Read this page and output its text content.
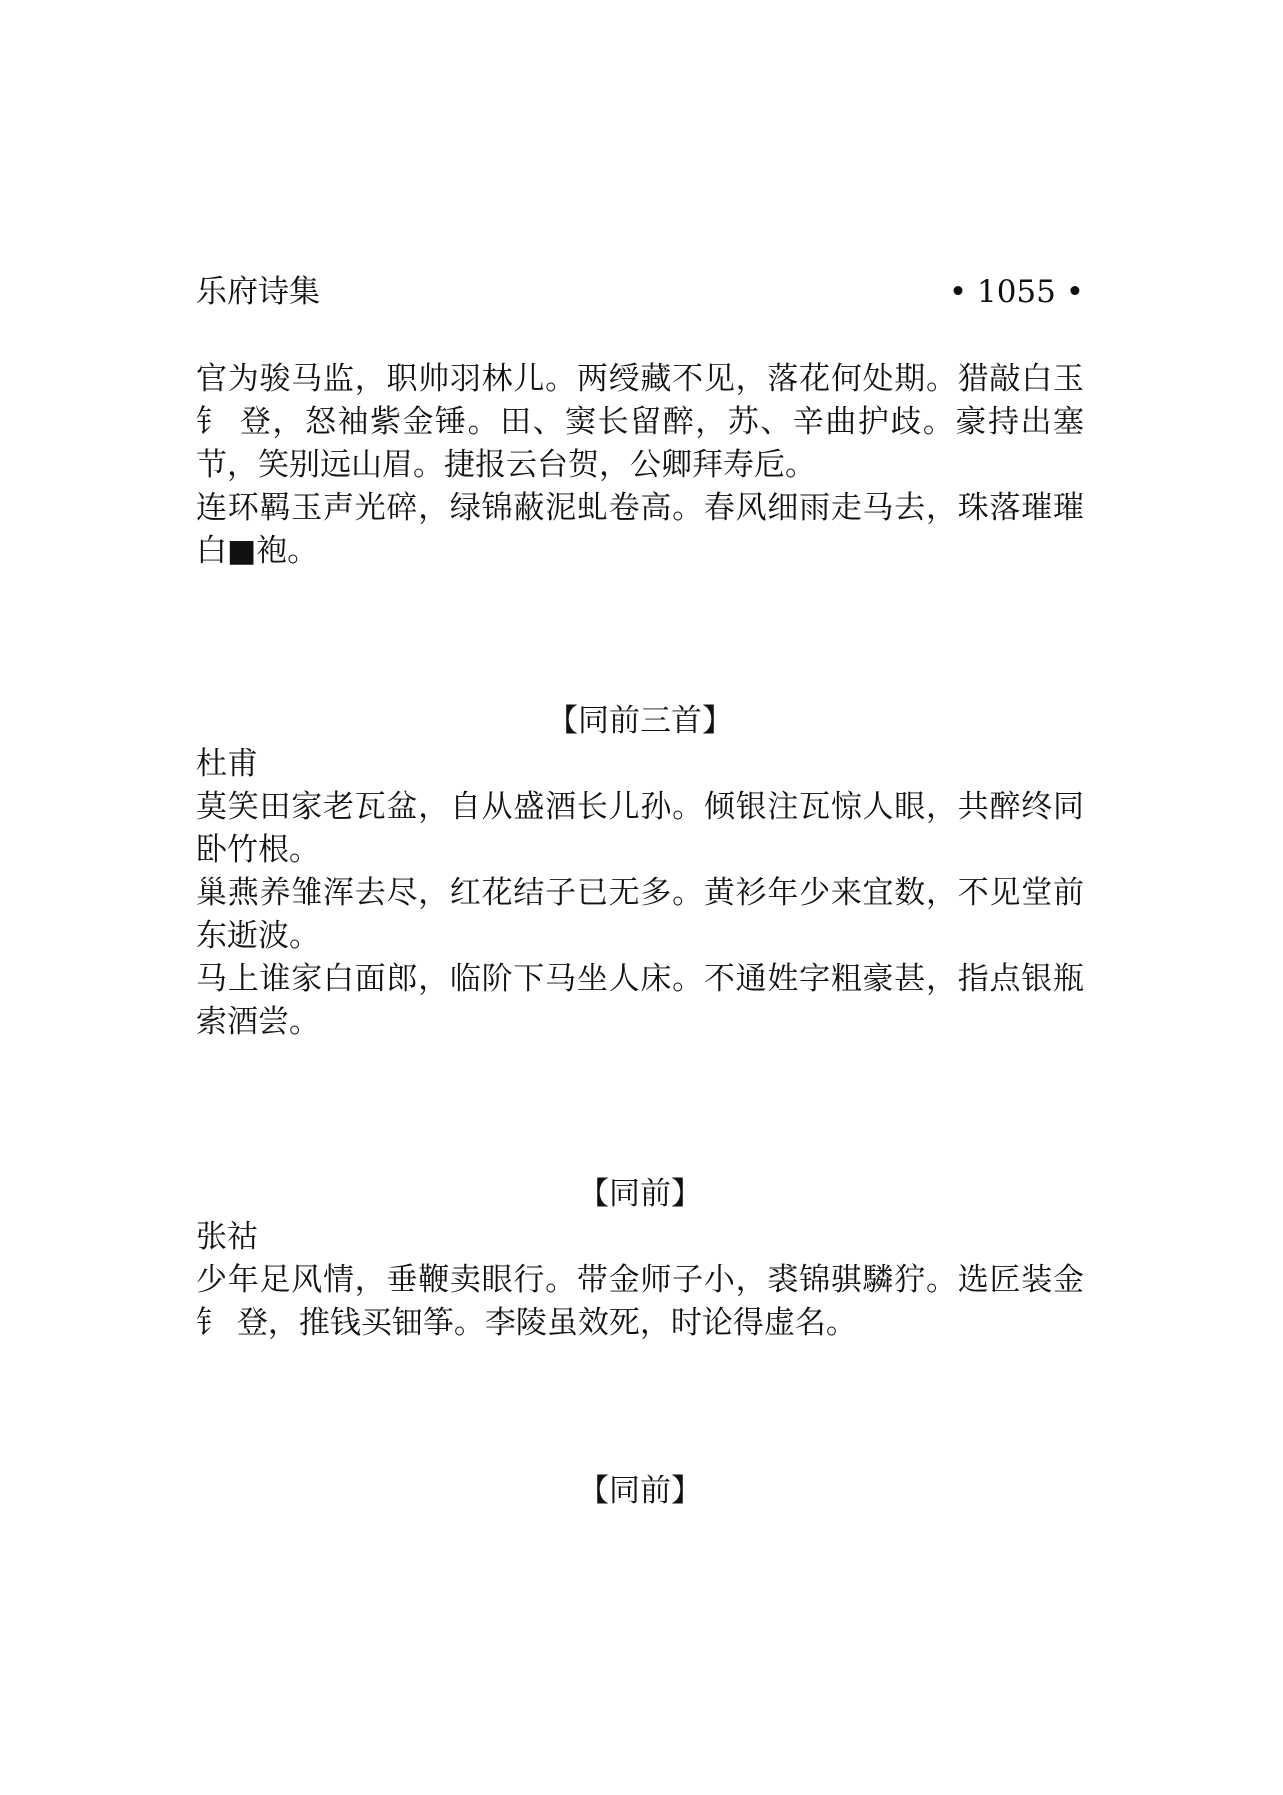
乐府诗集	• 1055 •

官为骏马监，职帅羽林儿。两绶藏不见，落花何处期。猎敲白玉钅 登，怒袖紫金锤。田、窦长留醉，苏、辛曲护歧。豪持出塞节，笑别远山眉。捷报云台贺，公卿拜寿卮。

连环羁玉声光碎，绿锦蔽泥虬卷高。春风细雨走马去，珠落璀璀白■袍。

【同前三首】

杜甫

莫笑田家老瓦盆，自从盛酒长儿孙。倾银注瓦惊人眼，共醉终同卧竹根。

巢燕养雏浑去尽，红花结子已无多。黄衫年少来宜数，不见堂前东逝波。

马上谁家白面郎，临阶下马坐人床。不通姓字粗豪甚，指点银瓶索酒尝。

【同前】

张祜

少年足风情，垂鞭卖眼行。带金师子小，裘锦骐驎狞。选匠装金钅 登，推钱买钿筝。李陵虽效死，时论得虚名。

【同前】
